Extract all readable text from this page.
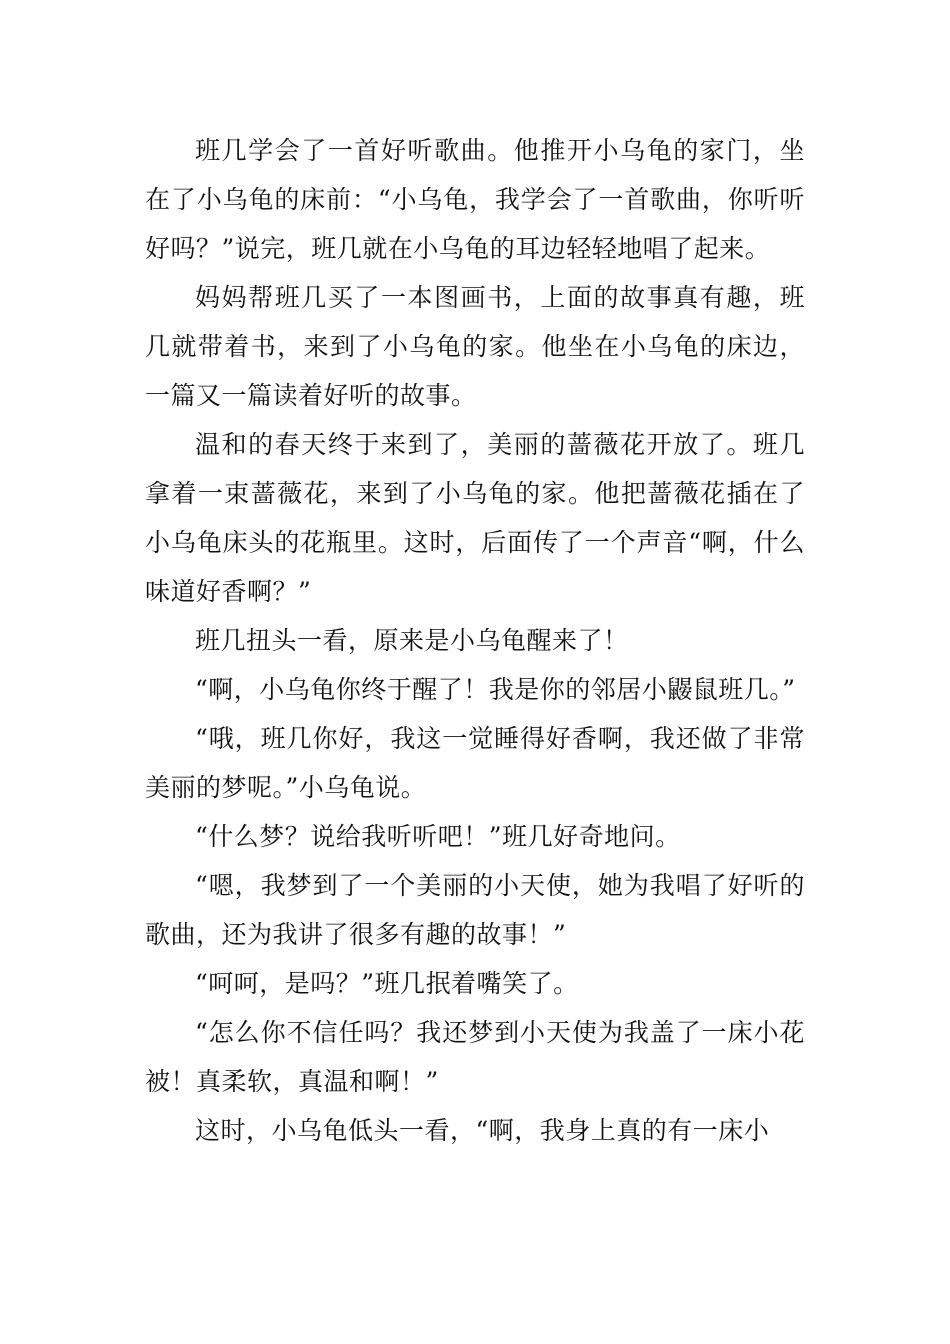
班几学会了一首好听歌曲。他推开小乌龟的家门，坐在了小乌龟的床前：“小乌龟，我学会了一首歌曲，你听听好吗？”说完，班几就在小乌龟的耳边轻轻地唱了起来。

妈妈帮班几买了一本图画书，上面的故事真有趣，班几就带着书，来到了小乌龟的家。他坐在小乌龟的床边，一篇又一篇读着好听的故事。

温和的春天终于来到了，美丽的蔷薇花开放了。班几拿着一束蔷薇花，来到了小乌龟的家。他把蔷薇花插在了小乌龟床头的花瓶里。这时，后面传了一个声音“啊，什么味道好香啊？”

班几扭头一看，原来是小乌龟醒来了！

“啊，小乌龟你终于醒了！我是你的邻居小鼹鼠班几。”

“哦，班几你好，我这一觉睡得好香啊，我还做了非常美丽的梦呢。”小乌龟说。

“什么梦？说给我听听吧！”班几好奇地问。

“嗯，我梦到了一个美丽的小天使，她为我唱了好听的歌曲，还为我讲了很多有趣的故事！”

“呵呵，是吗？”班几抿着嘴笑了。

“怎么你不信任吗？我还梦到小天使为我盖了一床小花被！真柔软，真温和啊！”

这时，小乌龟低头一看，“啊，我身上真的有一床小
